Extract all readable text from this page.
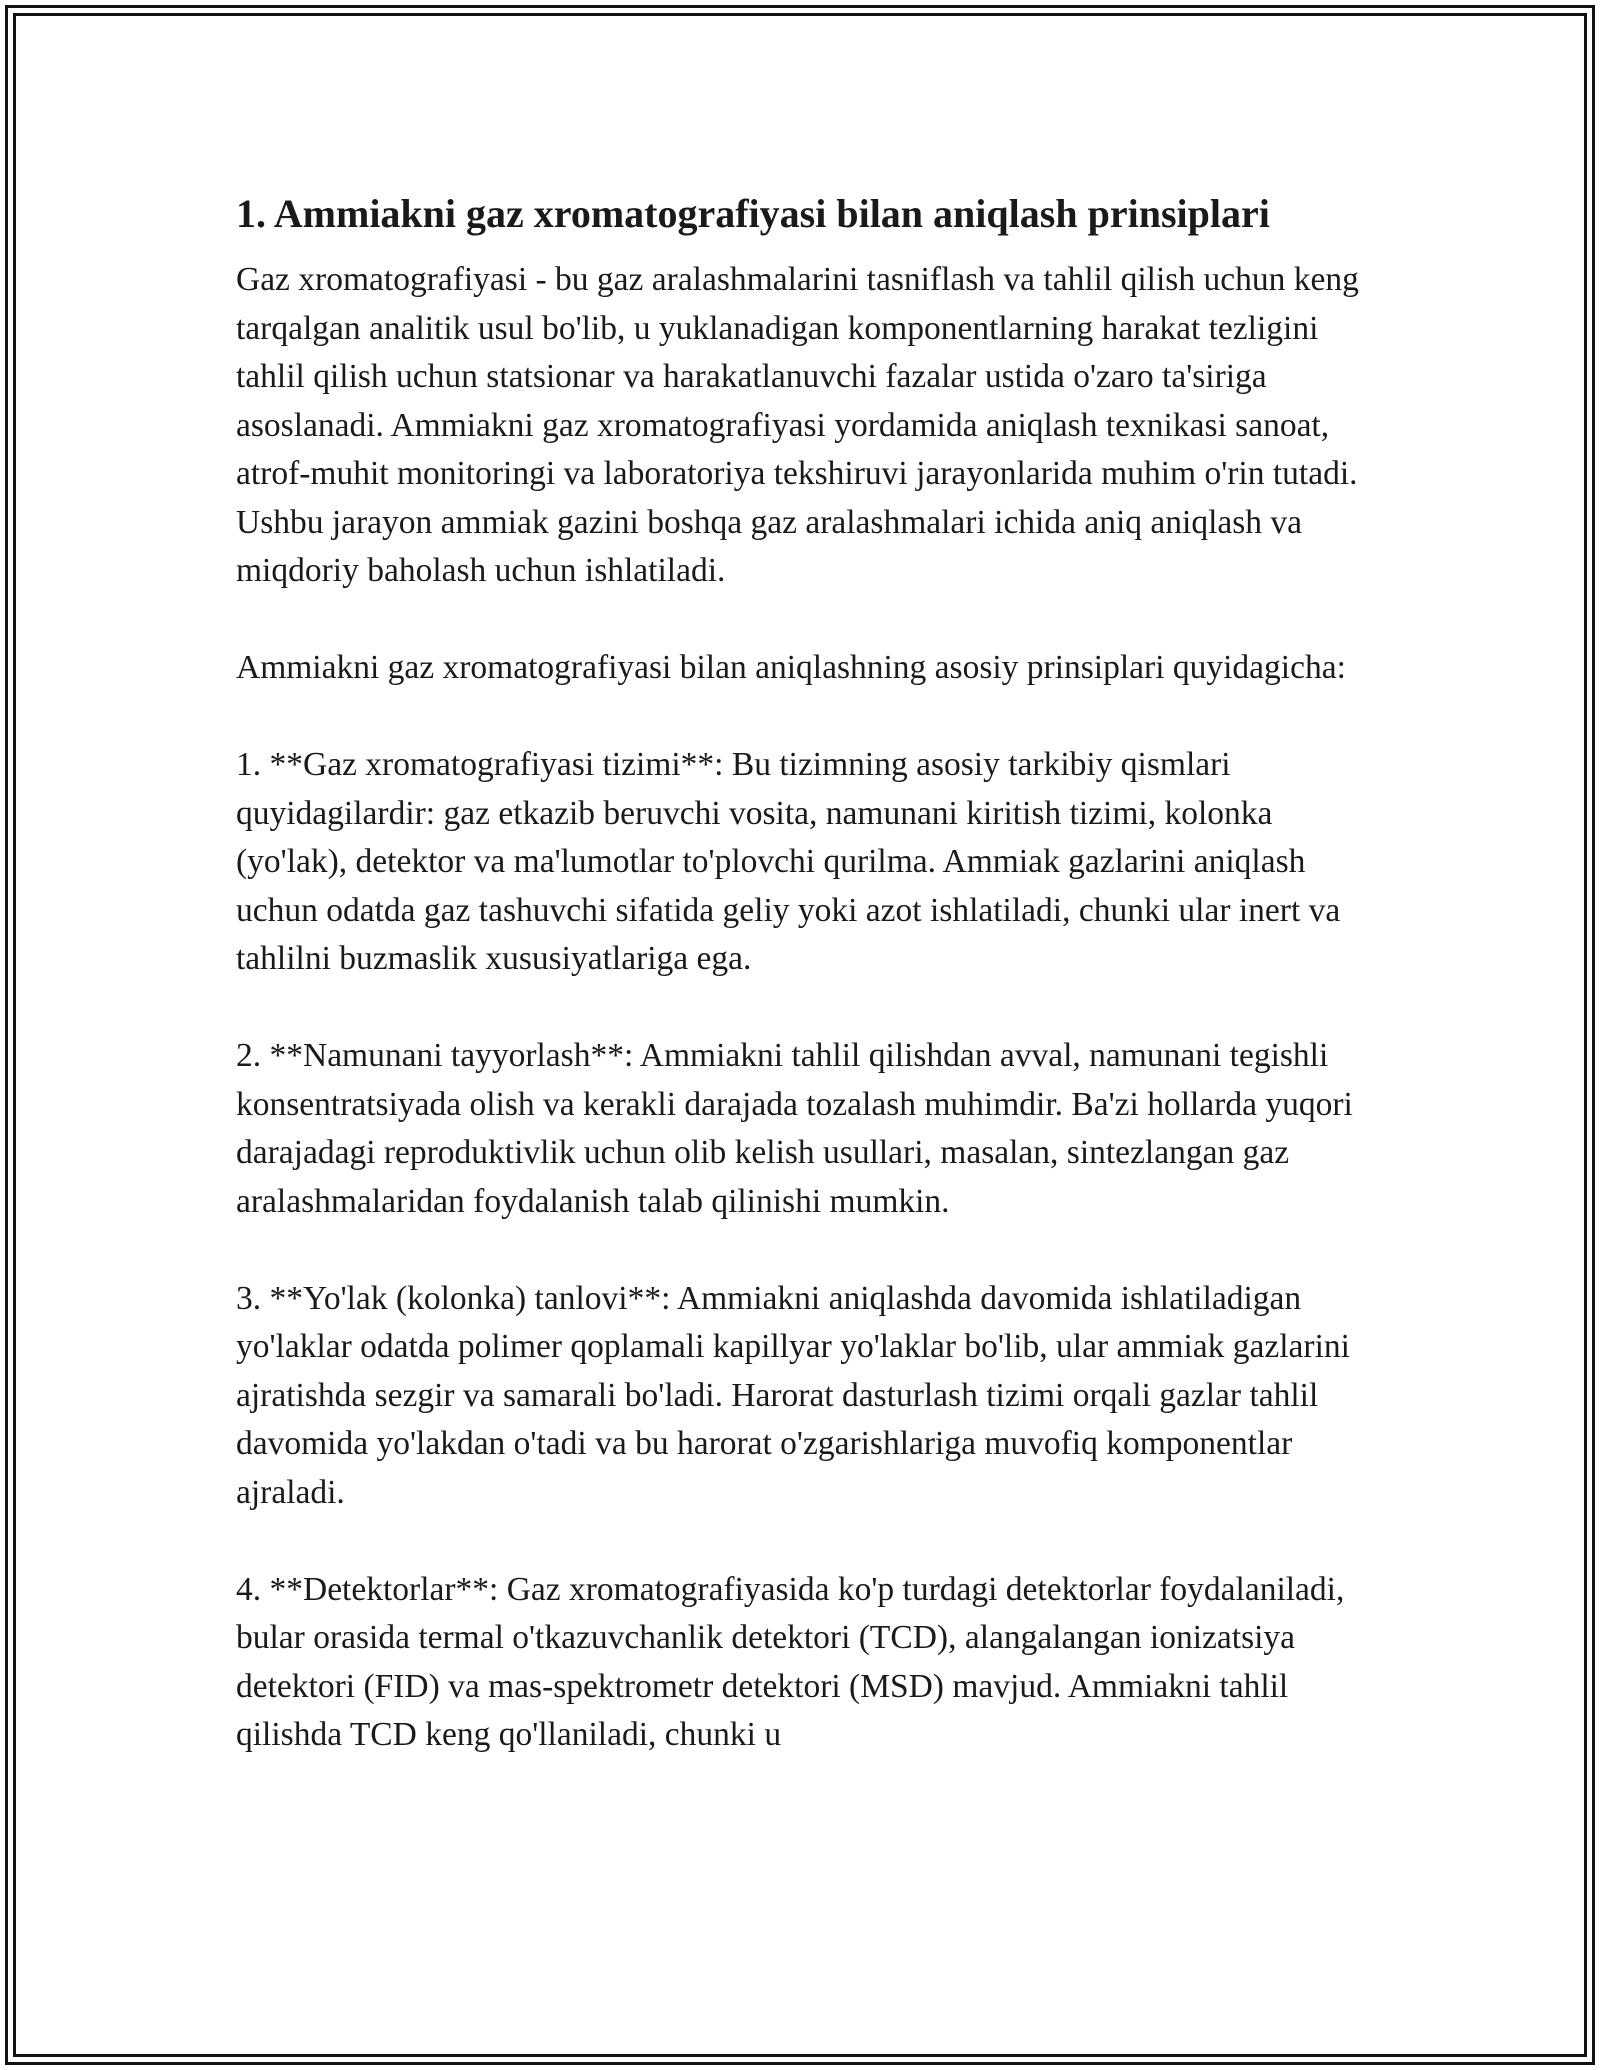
1. Ammiakni gaz xromatografiyasi bilan aniqlash prinsiplari

Gaz xromatografiyasi - bu gaz aralashmalarini tasniflash va tahlil qilish uchun keng tarqalgan analitik usul bo'lib, u yuklanadigan komponentlarning harakat tezligini tahlil qilish uchun statsionar va harakatlanuvchi fazalar ustida o'zaro ta'siriga asoslanadi. Ammiakni gaz xromatografiyasi yordamida aniqlash texnikasi sanoat, atrof-muhit monitoringi va laboratoriya tekshiruvi jarayonlarida muhim o'rin tutadi. Ushbu jarayon ammiak gazini boshqa gaz aralashmalari ichida aniq aniqlash va miqdoriy baholash uchun ishlatiladi.

Ammiakni gaz xromatografiyasi bilan aniqlashning asosiy prinsiplari quyidagicha:

1. **Gaz xromatografiyasi tizimi**: Bu tizimning asosiy tarkibiy qismlari quyidagilardir: gaz etkazib beruvchi vosita, namunani kiritish tizimi, kolonka (yo'lak), detektor va ma'lumotlar to'plovchi qurilma. Ammiak gazlarini aniqlash uchun odatda gaz tashuvchi sifatida geliy yoki azot ishlatiladi, chunki ular inert va tahlilni buzmaslik xususiyatlariga ega.

2. **Namunani tayyorlash**: Ammiakni tahlil qilishdan avval, namunani tegishli konsentratsiyada olish va kerakli darajada tozalash muhimdir. Ba'zi hollarda yuqori darajadagi reproduktivlik uchun olib kelish usullari, masalan, sintezlangan gaz aralashmalaridan foydalanish talab qilinishi mumkin.

3. **Yo'lak (kolonka) tanlovi**: Ammiakni aniqlashda davomida ishlatiladigan yo'laklar odatda polimer qoplamali kapillyar yo'laklar bo'lib, ular ammiak gazlarini ajratishda sezgir va samarali bo'ladi. Harorat dasturlash tizimi orqali gazlar tahlil davomida yo'lakdan o'tadi va bu harorat o'zgarishlariga muvofiq komponentlar ajraladi.

4. **Detektorlar**: Gaz xromatografiyasida ko'p turdagi detektorlar foydalaniladi, bular orasida termal o'tkazuvchanlik detektori (TCD), alangalangan ionizatsiya detektori (FID) va mas-spektrometr detektori (MSD) mavjud. Ammiakni tahlil qilishda TCD keng qo'llaniladi, chunki u
